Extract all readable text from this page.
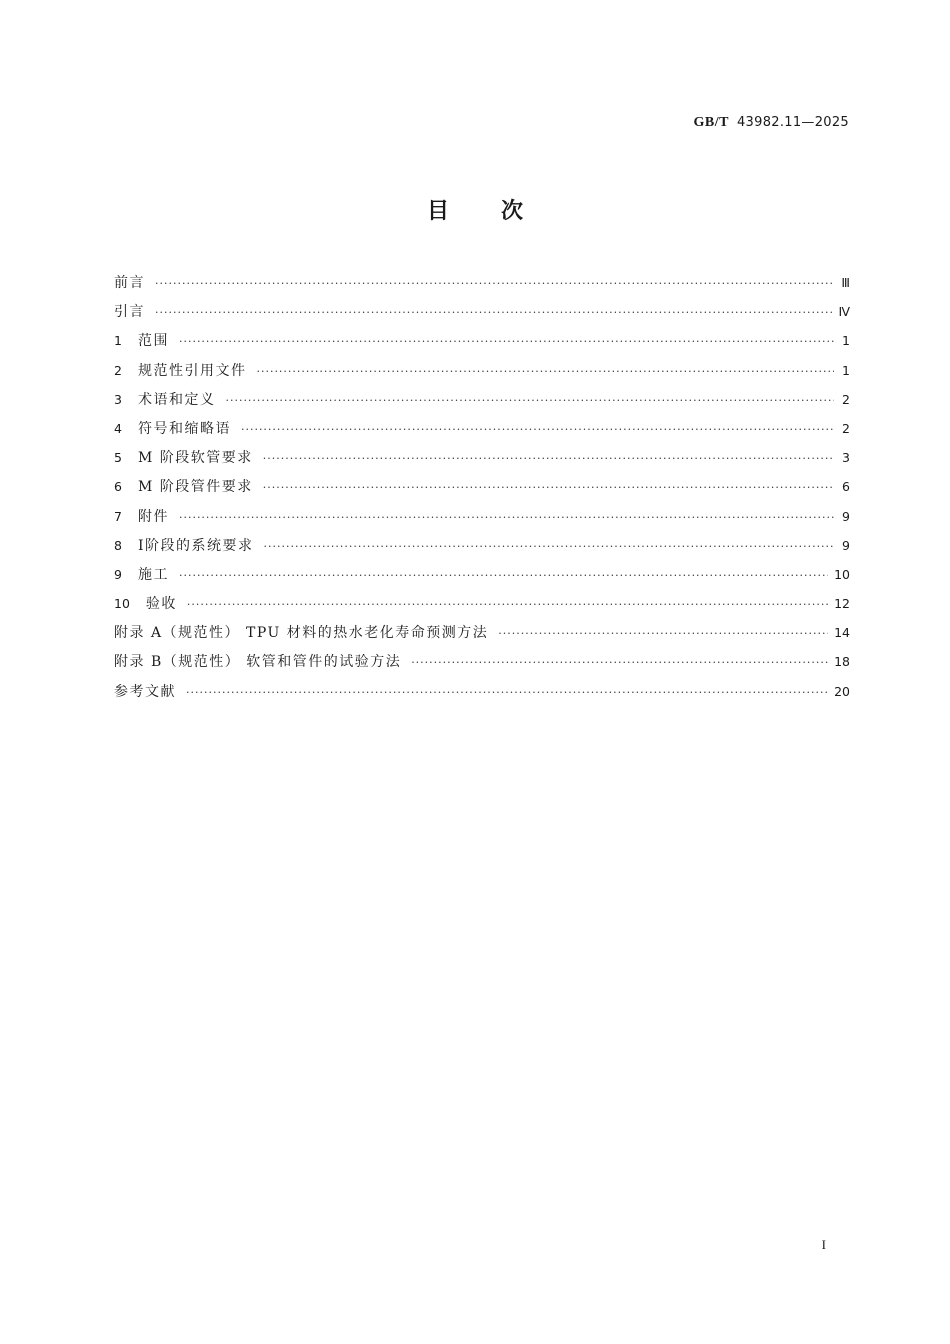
GB/T 43982.11—2025
目 次
前言 ·····	Ⅲ
引言 ·····	Ⅳ
1 范围 ·····	1
2 规范性引用文件 ·····	1
3 术语和定义 ·····	2
4 符号和缩略语 ·····	2
5 M 阶段软管要求 ·····	3
6 M 阶段管件要求 ·····	6
7 附件 ·····	9
8 Ⅰ阶段的系统要求 ·····	9
9 施工 ·····	10
10 验收 ·····	12
附录 A（规范性） TPU 材料的热水老化寿命预测方法 ·····	14
附录 B（规范性） 软管和管件的试验方法 ·····	18
参考文献 ·····	20
I
